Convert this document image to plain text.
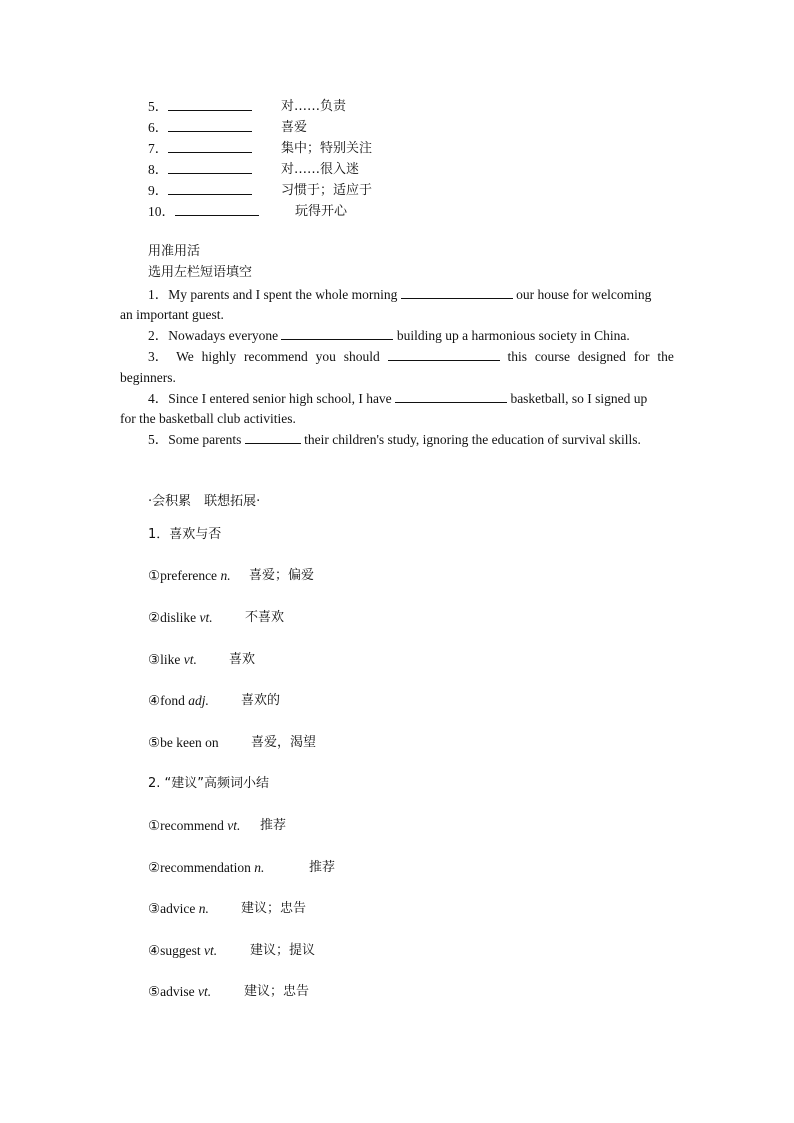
5．	对……负责
6．	喜爱
7．	集中；特别关注
8．	对……很入迷
9．	习惯于；适应于
10．	玩得开心
用准用活
选用左栏短语填空
1．My parents and I spent the whole morning	our house for welcoming
an important guest.
2．Nowadays everyone	building up a harmonious society in China.
3． We highly recommend you should	this course designed for the
beginners.
4．Since I entered senior high school, I have	basketball, so I signed up
for the basketball club activities.
5．Some parents	their children's study, ignoring the education of survival skills.
·会积累　联想拓展·
1．喜欢与否
①preference n. 喜爱；偏爱
②dislike vt. 不喜欢
③like vt. 喜欢
④fond adj. 喜欢的
⑤be keen on 喜爱，渴望
2. “建议”高频词小结
①recommend vt. 推荐
②recommendation n.	推荐
③advice n. 建议；忠告
④suggest vt.	建议；提议
⑤advise vt.	建议；忠告
